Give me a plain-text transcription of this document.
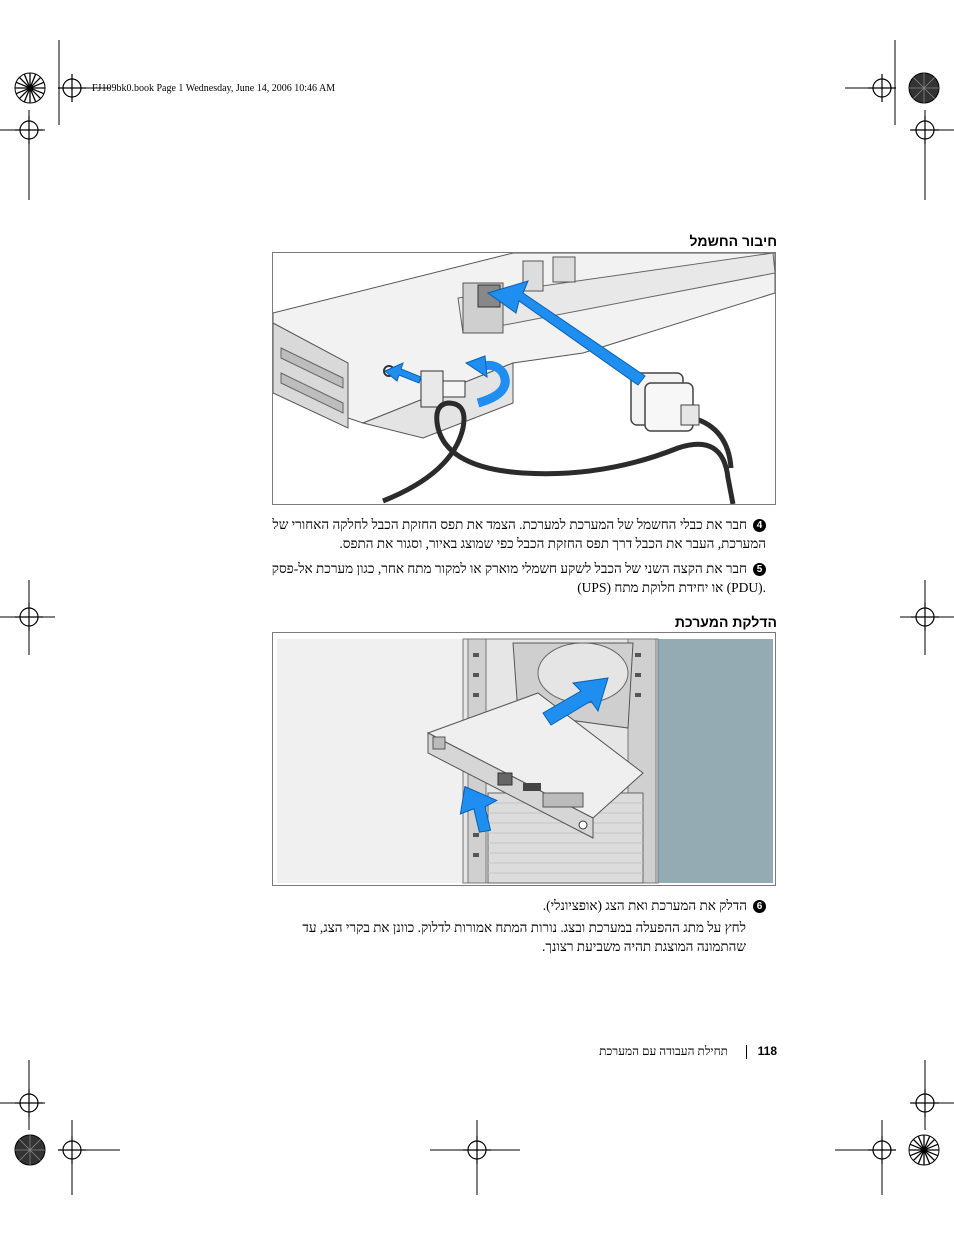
FJ109bk0.book Page 1 Wednesday, June 14, 2006 10:46 AM
חיבור החשמל
4חבר את כבלי החשמל של המערכת למערכת. הצמד את תפס החזקת הכבל לחלקה האחורי של
המערכת, העבר את הכבל דרך תפס החזקת הכבל כפי שמוצג באיור, וסגור את התפס.
5חבר את הקצה השני של הכבל לשקע חשמלי מוארק או למקור מתח אחר, כגון מערכת אל-פסק
(UPS) או יחידת חלוקת מתח (PDU).
הדלקת המערכת
6הדלק את המערכת ואת הצג (אופציונלי).
לחץ על מתג ההפעלה במערכת ובצג. נורות המתח אמורות לדלוק. כוונן את בקרי הצג, עד
שהתמונה המוצגת תהיה משביעת רצונך.
118
תחילת העבודה עם המערכת
